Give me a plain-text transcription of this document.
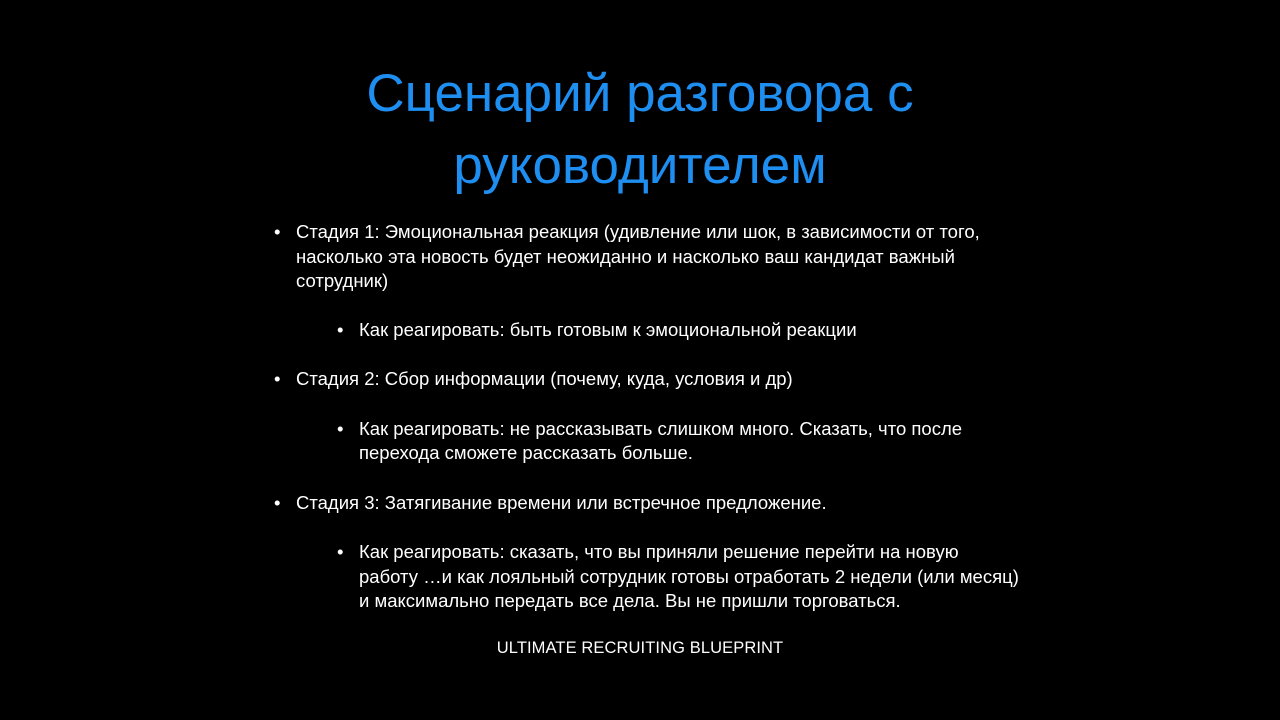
Сценарий разговора с
руководителем
• Стадия 1: Эмоциональная реакция (удивление или шок, в зависимости от того, насколько эта новость будет неожиданно и насколько ваш кандидат важный сотрудник)
• Как реагировать: быть готовым к эмоциональной реакции
• Стадия 2: Сбор информации (почему, куда, условия и др)
• Как реагировать: не рассказывать слишком много. Сказать, что после перехода сможете рассказать больше.
• Стадия 3: Затягивание времени или встречное предложение.
• Как реагировать: сказать, что вы приняли решение перейти на новую работу …и как лояльный сотрудник готовы отработать 2 недели (или месяц) и максимально передать все дела. Вы не пришли торговаться.
ULTIMATE RECRUITING BLUEPRINT
